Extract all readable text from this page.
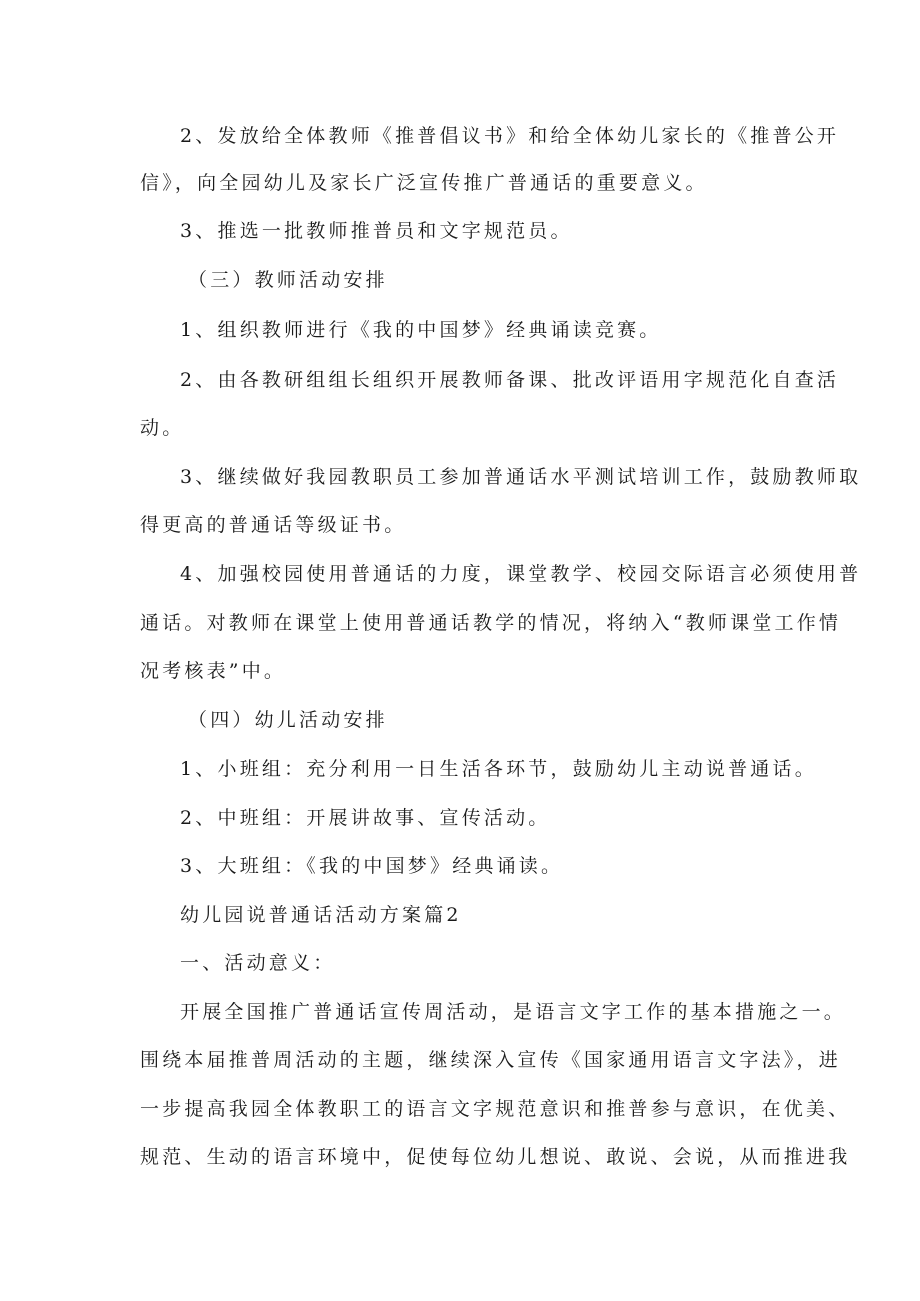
2、发放给全体教师《推普倡议书》和给全体幼儿家长的《推普公开
信》，向全园幼儿及家长广泛宣传推广普通话的重要意义。
3、推选一批教师推普员和文字规范员。
（三）教师活动安排
1、组织教师进行《我的中国梦》经典诵读竞赛。
2、由各教研组组长组织开展教师备课、批改评语用字规范化自查活
动。
3、继续做好我园教职员工参加普通话水平测试培训工作，鼓励教师取
得更高的普通话等级证书。
4、加强校园使用普通话的力度，课堂教学、校园交际语言必须使用普
通话。对教师在课堂上使用普通话教学的情况，将纳入“教师课堂工作情
况考核表”中。
（四）幼儿活动安排
1、小班组：充分利用一日生活各环节，鼓励幼儿主动说普通话。
2、中班组：开展讲故事、宣传活动。
3、大班组：《我的中国梦》经典诵读。
幼儿园说普通话活动方案篇2
一、活动意义：
开展全国推广普通话宣传周活动，是语言文字工作的基本措施之一。
围绕本届推普周活动的主题，继续深入宣传《国家通用语言文字法》，进
一步提高我园全体教职工的语言文字规范意识和推普参与意识，在优美、
规范、生动的语言环境中，促使每位幼儿想说、敢说、会说，从而推进我
